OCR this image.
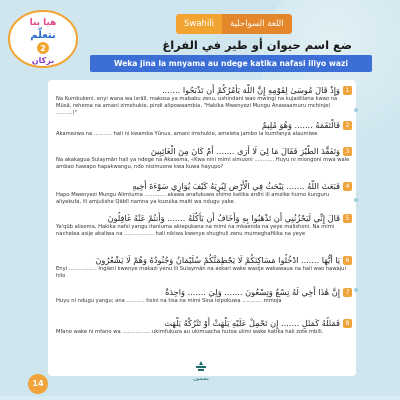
هيا بنا
نتعلّم
2
بركان
Swahili	اللغة السواحلية
ضع اسم حيوان أو طير في الفراغ
Weka jina la mnyama au ndege katika nafasi iliyo wazi
1وَإِذْ قَالَ مُوسَىٰ لِقَوْمِهِ إِنَّ اللَّهَ يَأْمُرُكُمْ أَن تَذْبَحُوا .......
Na Kumbukeni, enyi wana wa Isrāīl, makosa ya mababu zenu, ushindani wao mwingi na kujadiliana kwao na Mūsā, rehema na amani zimshukie, pindi alipowaambia, "Hakika Mwenyezi Mungu Anawaamuru mchinje( ..........)"
2فَالْتَقَمَهُ ....... وَهُوَ مُلِيمٌ
Akamezwa na ........... hali ni kwamba Yūnus, amani imshukie, ameleta jambo la kumfanya alaumiwe
3وَتَفَقَّدَ الطَّيْرَ فَقَالَ مَا لِيَ لَا أَرَى ....... أَمْ كَانَ مِنَ الْغَائِبِينَ
Na akakagua Sulaymān hali ya ndege na Akasema, «Kwa nini mimi simuoni ............ Huyu ni miongoni mwa wale ambao hawapo hapakwangu, ndo nisimuone kwa kuwa hayupo?
4فَبَعَثَ اللَّهُ ....... يَبْحَثُ فِي الْأَرْضِ لِيُرِيَهُ كَيْفَ يُوَارِي سَوْءَةَ أَخِيهِ
Hapo Mwenyezi Mungu Alimtuma ............. akawa anafukuwa shimo katika ardhi ili amzike humo kunguru aliyekufa, ili amjulishe Qābīl namna ya kuzuika maiti wa ndugu yake.
5قَالَ إِنِّي لَيَحْزُنُنِي أَن تَذْهَبُوا بِهِ وَأَخَافُ أَن يَأْكُلَهُ ....... وَأَنتُمْ عَنْهُ غَافِلُونَ
Ya'qūb alisema, Hakika nafsi yangu itaniuma akiepukana na mimi na mkaenda na yeye malishoni. Na mimi nachelea asije akaliwa na .................. hali nikiwa kwenye shughuli zenu mumeghafilika na yeye
6يَا أَيُّهَا ....... ادْخُلُوا مَسَاكِنَكُمْ لَا يَحْطِمَنَّكُمْ سُلَيْمَانُ وَجُنُودُهُ وَهُمْ لَا يَشْعُرُونَ
Enyi ................. Ingieni kwenye makazi yenu ili Sulaymān na askari wake wasije wakawaua na hali wao hawajui hilo
7إِنَّ هَٰذَا أَخِي لَهُ تِسْعٌ وَتِسْعُونَ ....... وَلِيَ ....... وَاحِدَةٌ
Huyu ni ndugu yangu; ana ........... tisini na tisa na mimi Sina isipokuwa ............ mmoja
8فَمَثَلُهُ كَمَثَلِ ....... إِن تَحْمِلْ عَلَيْهِ يَلْهَثْ أَوْ تَتْرُكْهُ يَلْهَث
Mfano wake ni mfano wa ................. ukimfukuza au ukimuacha hutoa ulimi wake katika hali zote mbili.
14	مقيمون
